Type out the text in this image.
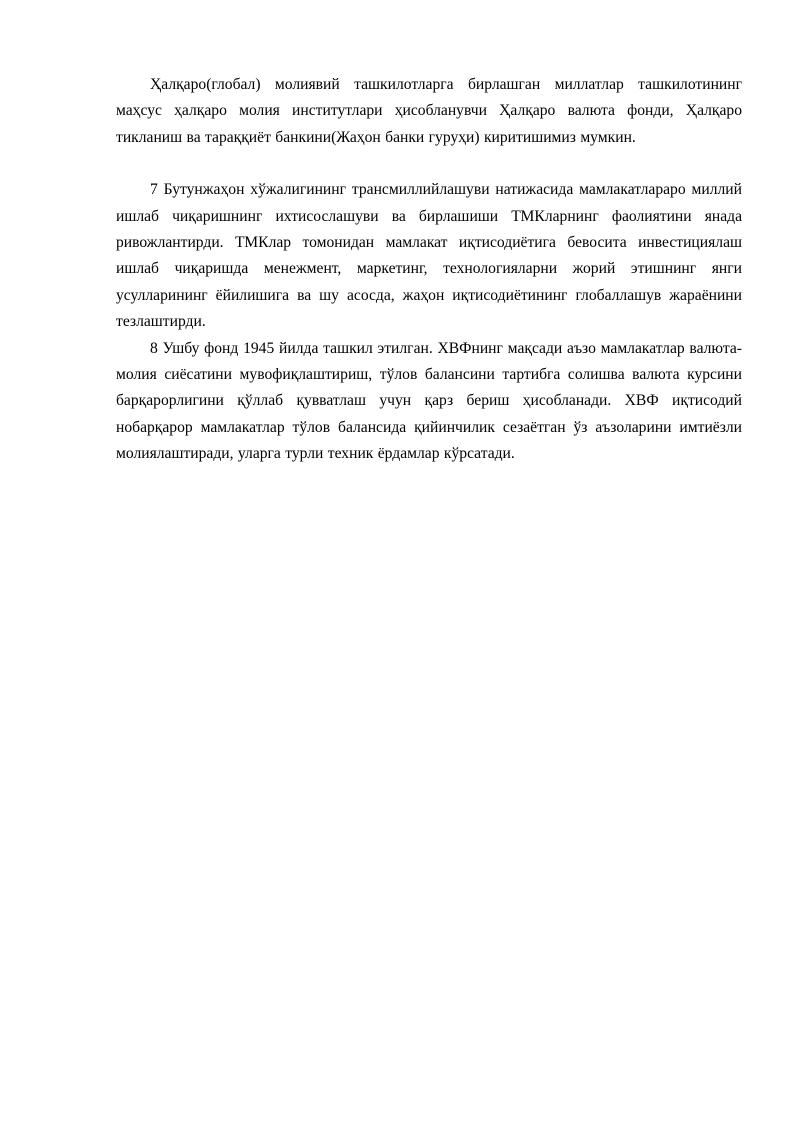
Ҳалқаро(глобал) молиявий ташкилотларга бирлашган миллатлар ташкилотининг маҳсус ҳалқаро молия институтлари ҳисобланувчи Ҳалқаро валюта фонди, Ҳалқаро тикланиш ва тараққиёт банкини(Жаҳон банки гуруҳи) киритишимиз мумкин.

7 Бутунжаҳон хўжалигининг трансмиллийлашуви натижасида мамлакатлараро миллий ишлаб чиқаришнинг ихтисослашуви ва бирлашиши ТМКларнинг фаолиятини янада ривожлантирди. ТМКлар томонидан мамлакат иқтисодиётига бевосита инвестициялаш ишлаб чиқаришда менежмент, маркетинг, технологияларни жорий этишнинг янги усулларининг ёйилишига ва шу асосда, жаҳон иқтисодиётининг глобаллашув жараёнини тезлаштирди.

8 Ушбу фонд 1945 йилда ташкил этилган. ХВФнинг мақсади аъзо мамлакатлар валюта-молия сиёсатини мувофиқлаштириш, тўлов балансини тартибга солишва валюта курсини барқарорлигини қўллаб қувватлаш учун қарз бериш ҳисобланади. ХВФ иқтисодий нобарқарор мамлакатлар тўлов балансида қийинчилик сезаётган ўз аъзоларини имтиёзли молиялаштиради, уларга турли техник ёрдамлар кўрсатади.
